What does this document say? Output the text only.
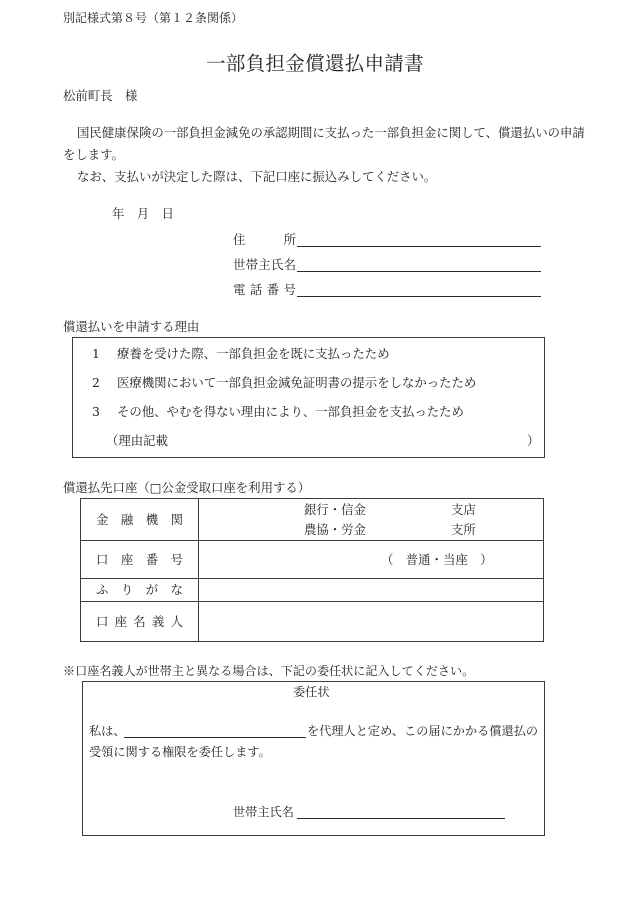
別記様式第８号（第１２条関係）
一部負担金償還払申請書
松前町長　様
国民健康保険の一部負担金減免の承認期間に支払った一部負担金に関して、償還払いの申請
をします。
なお、支払いが決定した際は、下記口座に振込みしてください。
年　月　日
住　　所
世帯主氏名
電 話 番 号
償還払いを申請する理由
1 療養を受けた際、一部負担金を既に支払ったため
2 医療機関において一部負担金減免証明書の提示をしなかったため
3 その他、やむを得ない理由により、一部負担金を支払ったため
（理由記載	）
償還払先口座（□公金受取口座を利用する）
金　融　機　関	銀行・信金 支店
農協・労金 支所

口　座　番　号	（　普通・当座　）

ふ　り　が　な	
口 座 名 義 人	
※口座名義人が世帯主と異なる場合は、下記の委任状に記入してください。
委任状
私は、	を代理人と定め、この届にかかる償還払の
受領に関する権限を委任します。
世帯主氏名
